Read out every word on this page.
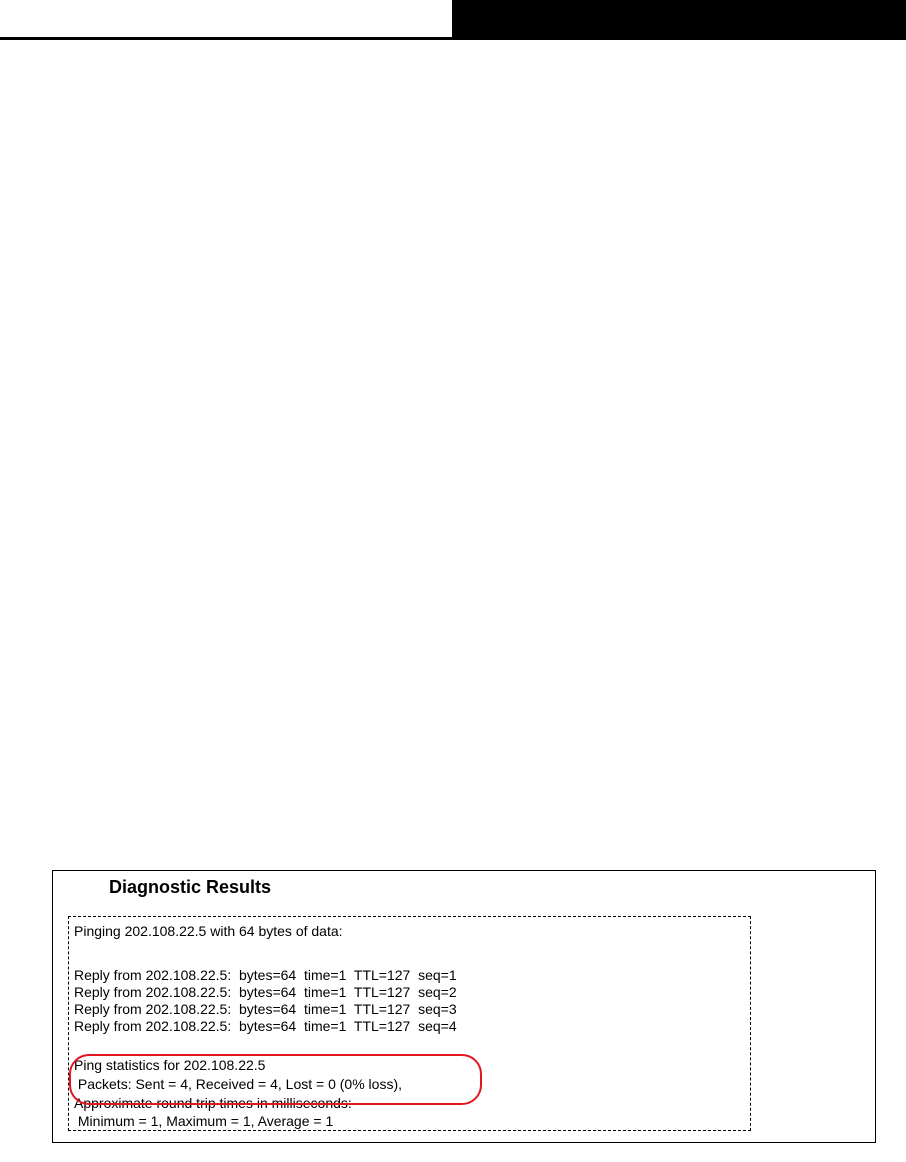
Diagnostic Results

Pinging 202.108.22.5 with 64 bytes of data:

Reply from 202.108.22.5:  bytes=64  time=1  TTL=127  seq=1

Reply from 202.108.22.5:  bytes=64  time=1  TTL=127  seq=2

Reply from 202.108.22.5:  bytes=64  time=1  TTL=127  seq=3

Reply from 202.108.22.5:  bytes=64  time=1  TTL=127  seq=4

Ping statistics for 202.108.22.5

Packets: Sent = 4, Received = 4, Lost = 0 (0% loss),

Approximate round trip times in milliseconds:

Minimum = 1, Maximum = 1, Average = 1
